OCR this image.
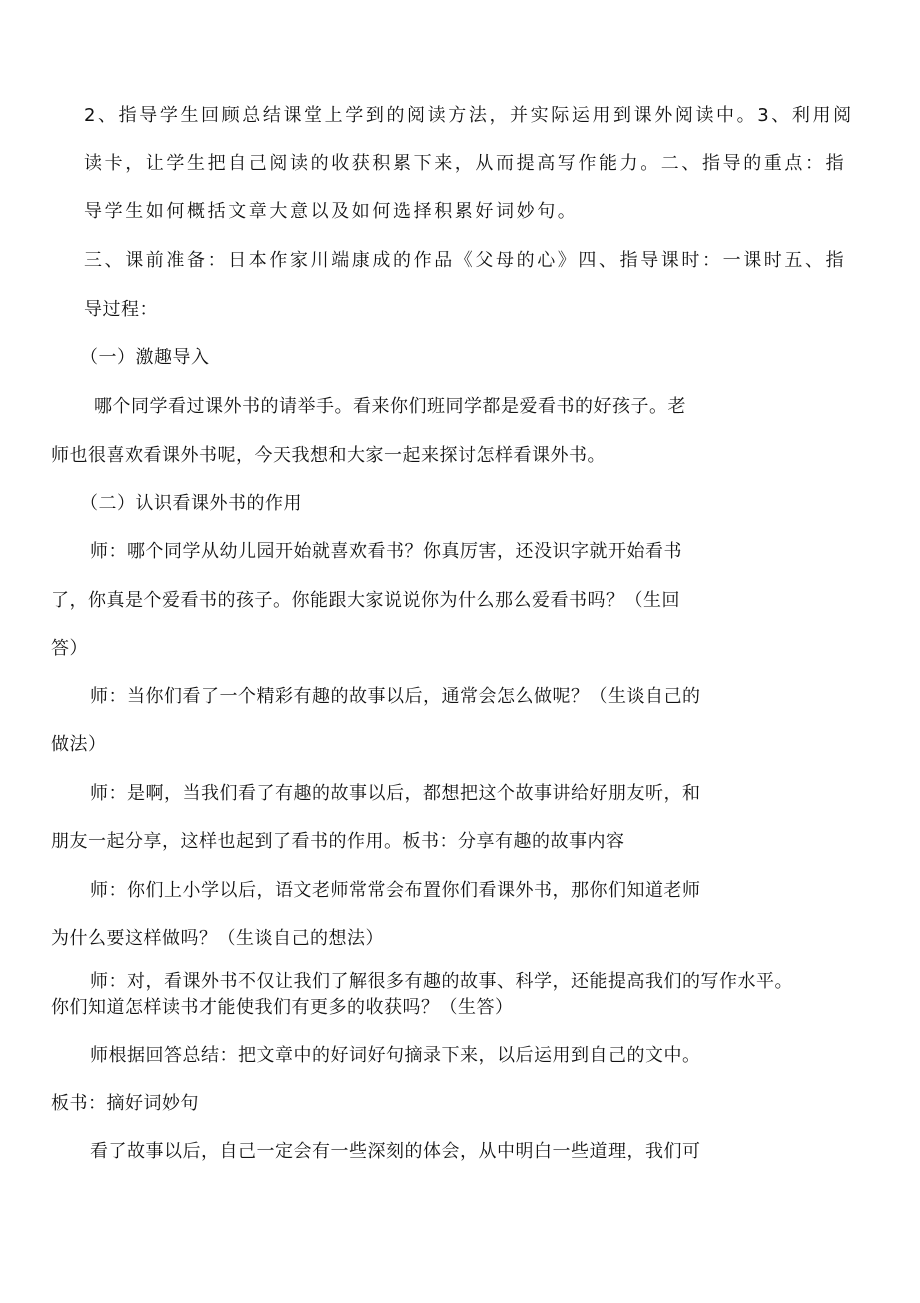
2、指导学生回顾总结课堂上学到的阅读方法，并实际运用到课外阅读中。3、利用阅
读卡，让学生把自己阅读的收获积累下来，从而提高写作能力。二、指导的重点：指
导学生如何概括文章大意以及如何选择积累好词妙句。
三、课前准备：日本作家川端康成的作品《父母的心》四、指导课时：一课时五、指
导过程：
（一）激趣导入
哪个同学看过课外书的请举手。看来你们班同学都是爱看书的好孩子。老
师也很喜欢看课外书呢，今天我想和大家一起来探讨怎样看课外书。
（二）认识看课外书的作用
师：哪个同学从幼儿园开始就喜欢看书？你真厉害，还没识字就开始看书
了，你真是个爱看书的孩子。你能跟大家说说你为什么那么爱看书吗？（生回
答）
师：当你们看了一个精彩有趣的故事以后，通常会怎么做呢？（生谈自己的
做法）
师：是啊，当我们看了有趣的故事以后，都想把这个故事讲给好朋友听，和
朋友一起分享，这样也起到了看书的作用。板书：分享有趣的故事内容
师：你们上小学以后，语文老师常常会布置你们看课外书，那你们知道老师
为什么要这样做吗？（生谈自己的想法）
师：对，看课外书不仅让我们了解很多有趣的故事、科学，还能提高我们的写作水平。
你们知道怎样读书才能使我们有更多的收获吗？（生答）
师根据回答总结：把文章中的好词好句摘录下来，以后运用到自己的文中。
板书：摘好词妙句
看了故事以后，自己一定会有一些深刻的体会，从中明白一些道理，我们可
